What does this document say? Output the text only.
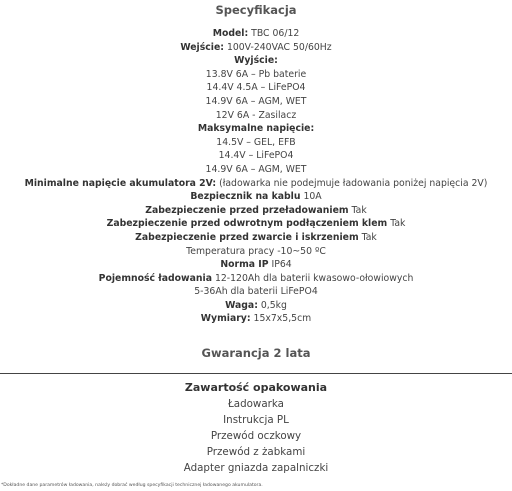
Specyfikacja
Model: TBC 06/12
Wejście: 100V-240VAC 50/60Hz
Wyjście:
13.8V 6A – Pb baterie
14.4V 4.5A – LiFePO4
14.9V 6A – AGM, WET
12V 6A - Zasilacz
Maksymalne napięcie:
14.5V – GEL, EFB
14.4V – LiFePO4
14.9V 6A – AGM, WET
Minimalne napięcie akumulatora 2V: (ładowarka nie podejmuje ładowania poniżej napięcia 2V)
Bezpiecznik na kablu 10A
Zabezpieczenie przed przeładowaniem Tak
Zabezpieczenie przed odwrotnym podłączeniem klem Tak
Zabezpieczenie przed zwarcie i iskrzeniem Tak
Temperatura pracy -10~50 ºC
Norma IP IP64
Pojemność ładowania 12-120Ah dla baterii kwasowo-ołowiowych
5-36Ah dla baterii LiFePO4
Waga: 0,5kg
Wymiary: 15x7x5,5cm
Gwarancja 2 lata
Zawartość opakowania
Ładowarka
Instrukcja PL
Przewód oczkowy
Przewód z żabkami
Adapter gniazda zapalniczki
*Dokładne dane parametrów ładowania, należy dobrać według specyfikacji technicznej ładowanego akumulatora.
